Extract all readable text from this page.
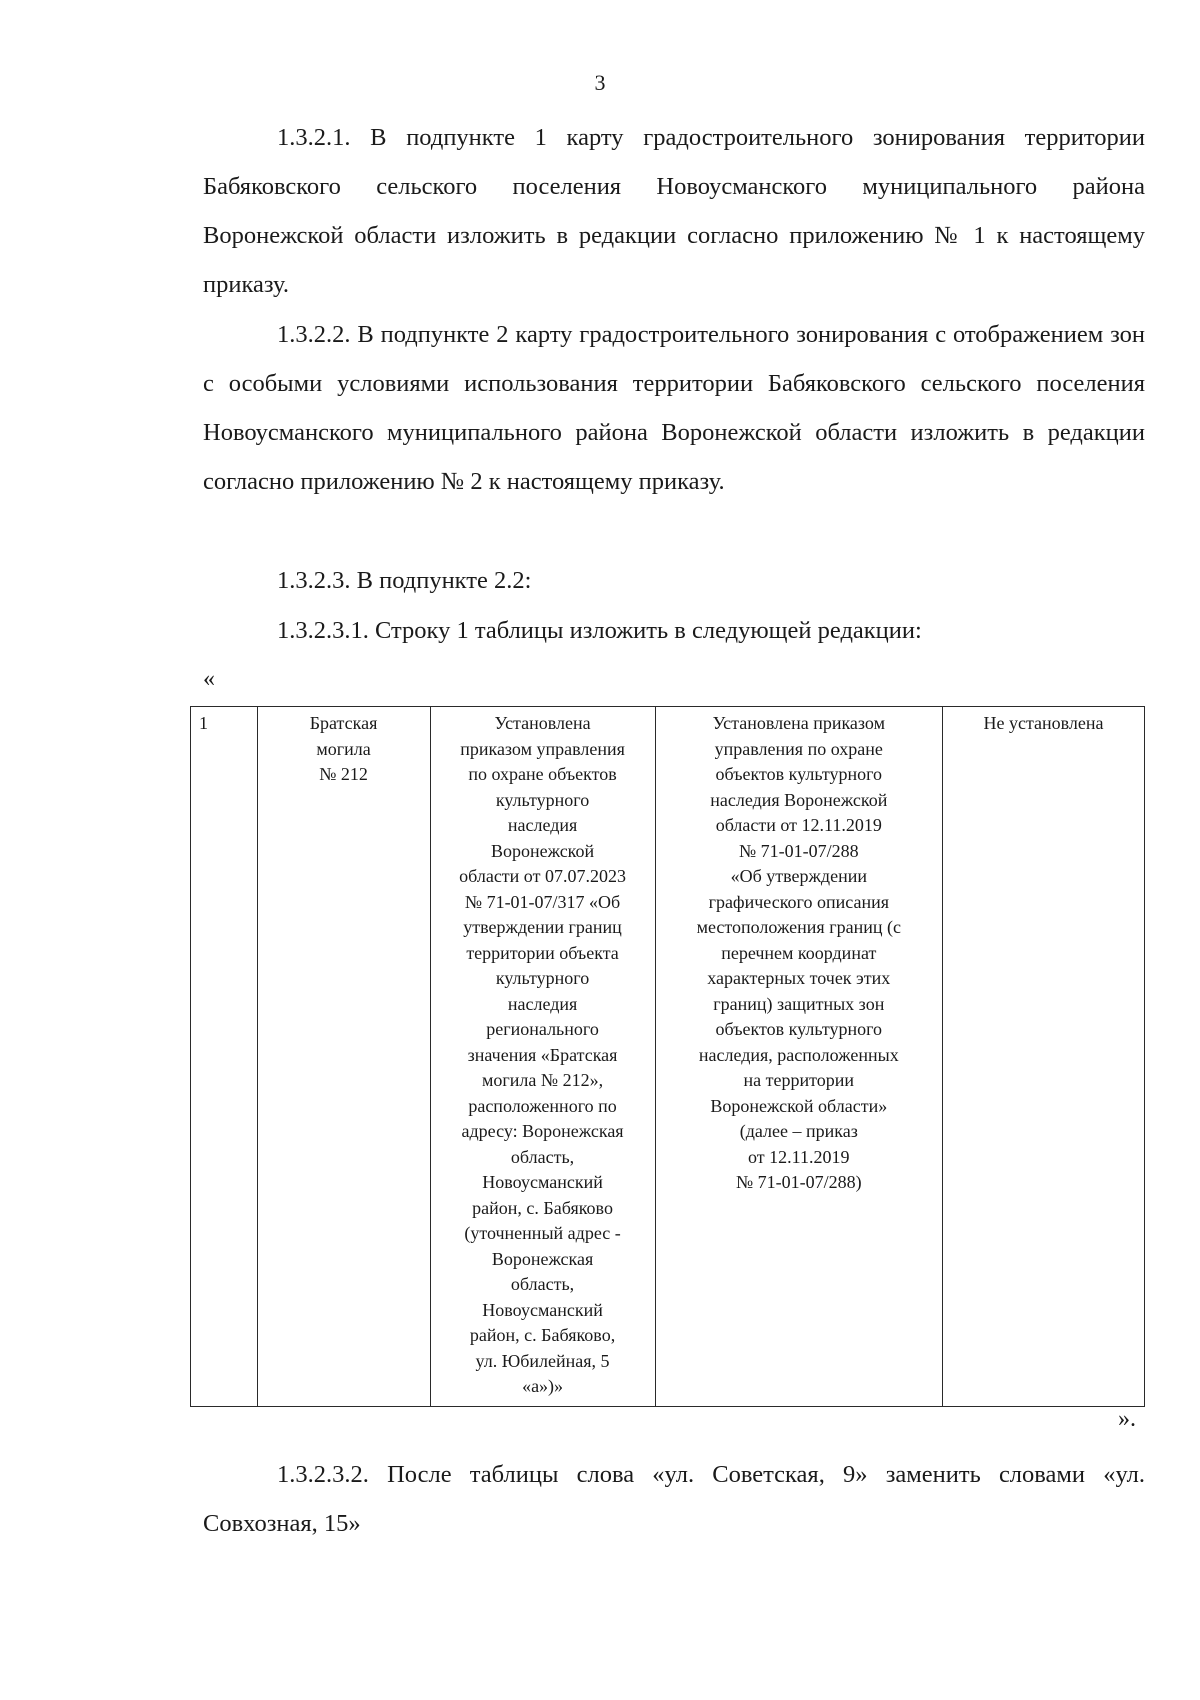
3

1.3.2.1. В подпункте 1 карту градостроительного зонирования территории Бабяковского сельского поселения Новоусманского муниципального района Воронежской области изложить в редакции согласно приложению № 1 к настоящему приказу.

1.3.2.2. В подпункте 2 карту градостроительного зонирования с отображением зон с особыми условиями использования территории Бабяковского сельского поселения Новоусманского муниципального района Воронежской области изложить в редакции согласно приложению № 2 к настоящему приказу.

1.3.2.3. В подпункте 2.2:

1.3.2.3.1. Строку 1 таблицы изложить в следующей редакции:

«
1	Братская
могила
№ 212	Установлена
приказом управления
по охране объектов
культурного
наследия
Воронежской
области от 07.07.2023
№ 71-01-07/317 «Об
утверждении границ
территории объекта
культурного
наследия
регионального
значения «Братская
могила № 212»,
расположенного по
адресу: Воронежская
область,
Новоусманский
район, с. Бабяково
(уточненный адрес -
Воронежская
область,
Новоусманский
район, с. Бабяково,
ул. Юбилейная, 5
«а»)»	Установлена приказом
управления по охране
объектов культурного
наследия Воронежской
области от 12.11.2019
№ 71-01-07/288
«Об утверждении
графического описания
местоположения границ (с
перечнем координат
характерных точек этих
границ) защитных зон
объектов культурного
наследия, расположенных
на территории
Воронежской области»
(далее – приказ
от 12.11.2019
№ 71-01-07/288)	Не установлена
».

1.3.2.3.2. После таблицы слова «ул. Советская, 9» заменить словами «ул. Совхозная, 15»
